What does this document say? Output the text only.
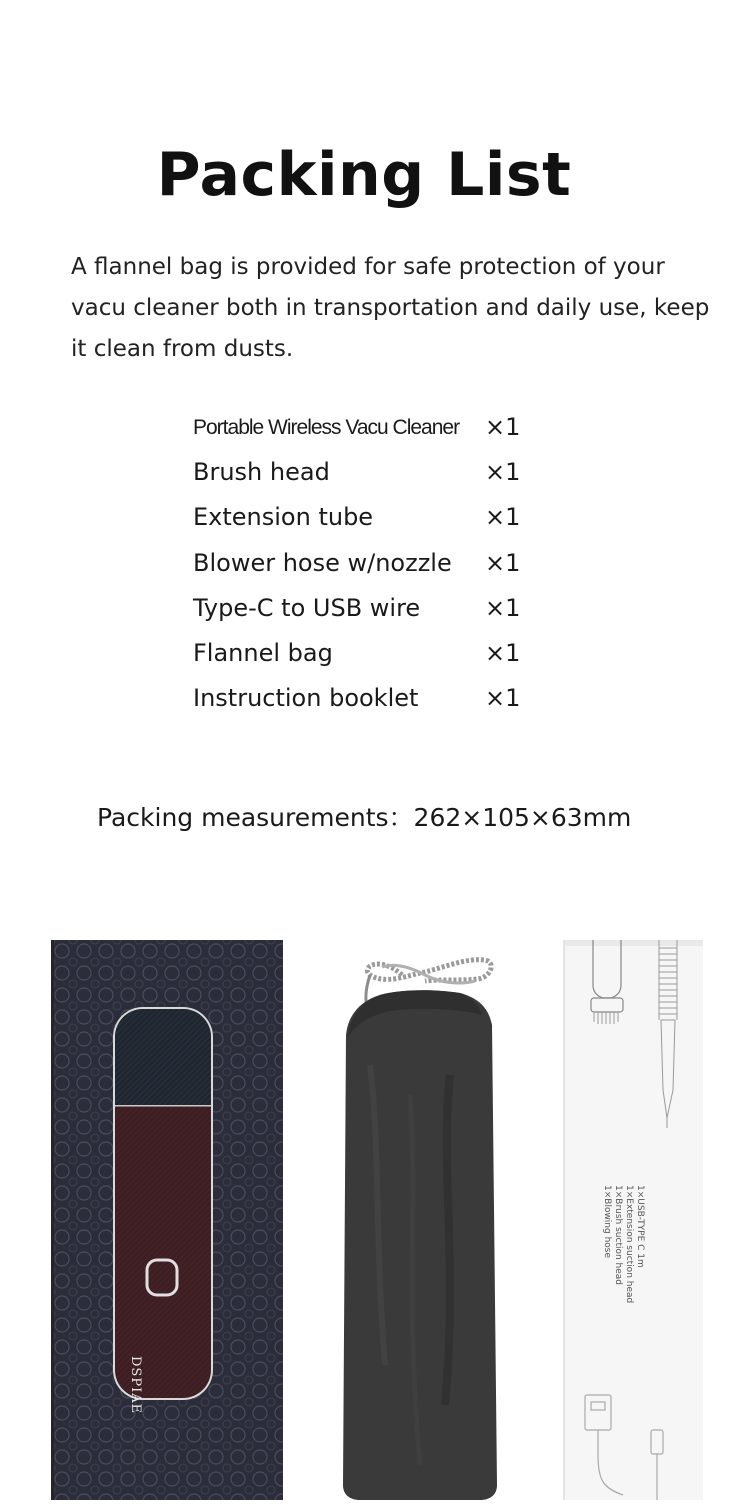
Packing List
A flannel bag is provided for safe protection of your vacu cleaner both in transportation and daily use, keep it clean from dusts.
Portable Wireless Vacu Cleaner ×1
Brush head	×1
Extension tube	×1
Blower hose w/nozzle ×1
Type-C to USB wire	×1
Flannel bag	×1
Instruction booklet	×1
Packing measurements：262×105×63mm
DSPIAE
1×USB-TYPE C 1m
1×Extension suction head
1×Brush suction head
1×Blowing hose
